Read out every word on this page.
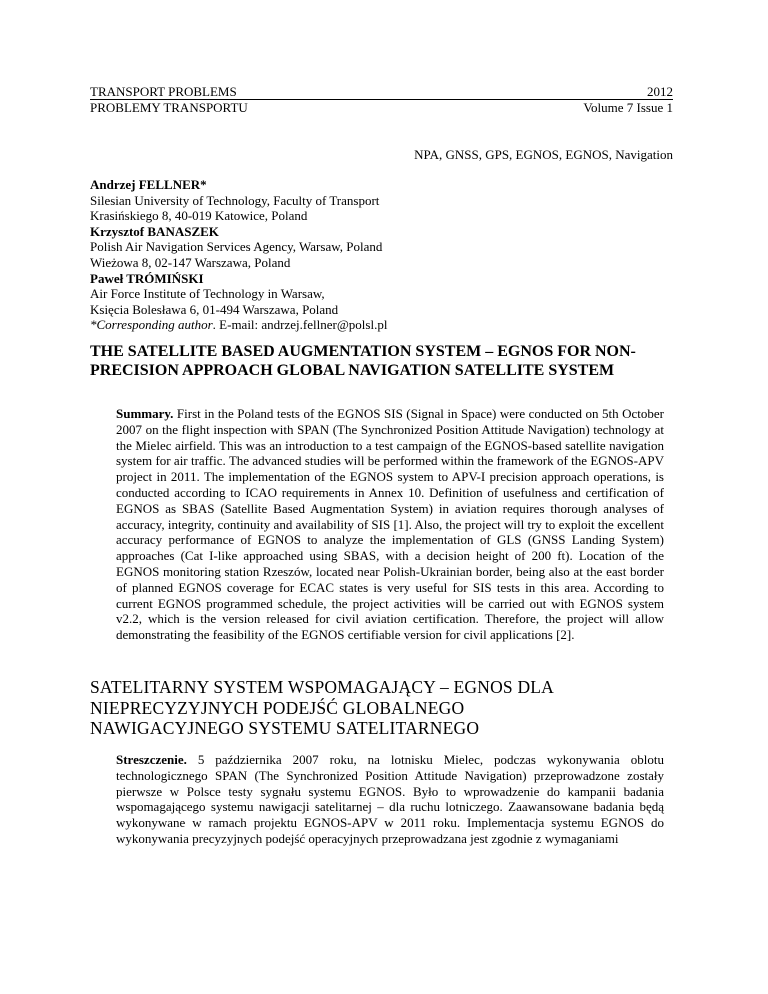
TRANSPORT PROBLEMS	2012
PROBLEMY TRANSPORTU	Volume 7 Issue 1
NPA, GNSS, GPS, EGNOS, EGNOS, Navigation
Andrzej FELLNER*
Silesian University of Technology, Faculty of Transport
Krasińskiego 8, 40-019 Katowice, Poland
Krzysztof BANASZEK
Polish Air Navigation Services Agency, Warsaw, Poland
Wieżowa 8, 02-147 Warszawa, Poland
Paweł TRÓMIŃSKI
Air Force Institute of Technology in Warsaw,
Księcia Bolesława 6, 01-494 Warszawa, Poland
*Corresponding author. E-mail: andrzej.fellner@polsl.pl
THE SATELLITE BASED AUGMENTATION SYSTEM – EGNOS FOR NON-PRECISION APPROACH GLOBAL NAVIGATION SATELLITE SYSTEM
Summary. First in the Poland tests of the EGNOS SIS (Signal in Space) were conducted on 5th October 2007 on the flight inspection with SPAN (The Synchronized Position Attitude Navigation) technology at the Mielec airfield. This was an introduction to a test campaign of the EGNOS-based satellite navigation system for air traffic. The advanced studies will be performed within the framework of the EGNOS-APV project in 2011. The implementation of the EGNOS system to APV-I precision approach operations, is conducted according to ICAO requirements in Annex 10. Definition of usefulness and certification of EGNOS as SBAS (Satellite Based Augmentation System) in aviation requires thorough analyses of accuracy, integrity, continuity and availability of SIS [1]. Also, the project will try to exploit the excellent accuracy performance of EGNOS to analyze the implementation of GLS (GNSS Landing System) approaches (Cat I-like approached using SBAS, with a decision height of 200 ft). Location of the EGNOS monitoring station Rzeszów, located near Polish-Ukrainian border, being also at the east border of planned EGNOS coverage for ECAC states is very useful for SIS tests in this area. According to current EGNOS programmed schedule, the project activities will be carried out with EGNOS system v2.2, which is the version released for civil aviation certification. Therefore, the project will allow demonstrating the feasibility of the EGNOS certifiable version for civil applications [2].
SATELITARNY SYSTEM WSPOMAGAJĄCY – EGNOS DLA NIEPRECYZYJNYCH PODEJŚĆ GLOBALNEGO NAWIGACYJNEGO SYSTEMU SATELITARNEGO
Streszczenie. 5 października 2007 roku, na lotnisku Mielec, podczas wykonywania oblotu technologicznego SPAN (The Synchronized Position Attitude Navigation) przeprowadzone zostały pierwsze w Polsce testy sygnału systemu EGNOS. Było to wprowadzenie do kampanii badania wspomagającego systemu nawigacji satelitarnej – dla ruchu lotniczego. Zaawansowane badania będą wykonywane w ramach projektu EGNOS-APV w 2011 roku. Implementacja systemu EGNOS do wykonywania precyzyjnych podejść operacyjnych przeprowadzana jest zgodnie z wymaganiami
